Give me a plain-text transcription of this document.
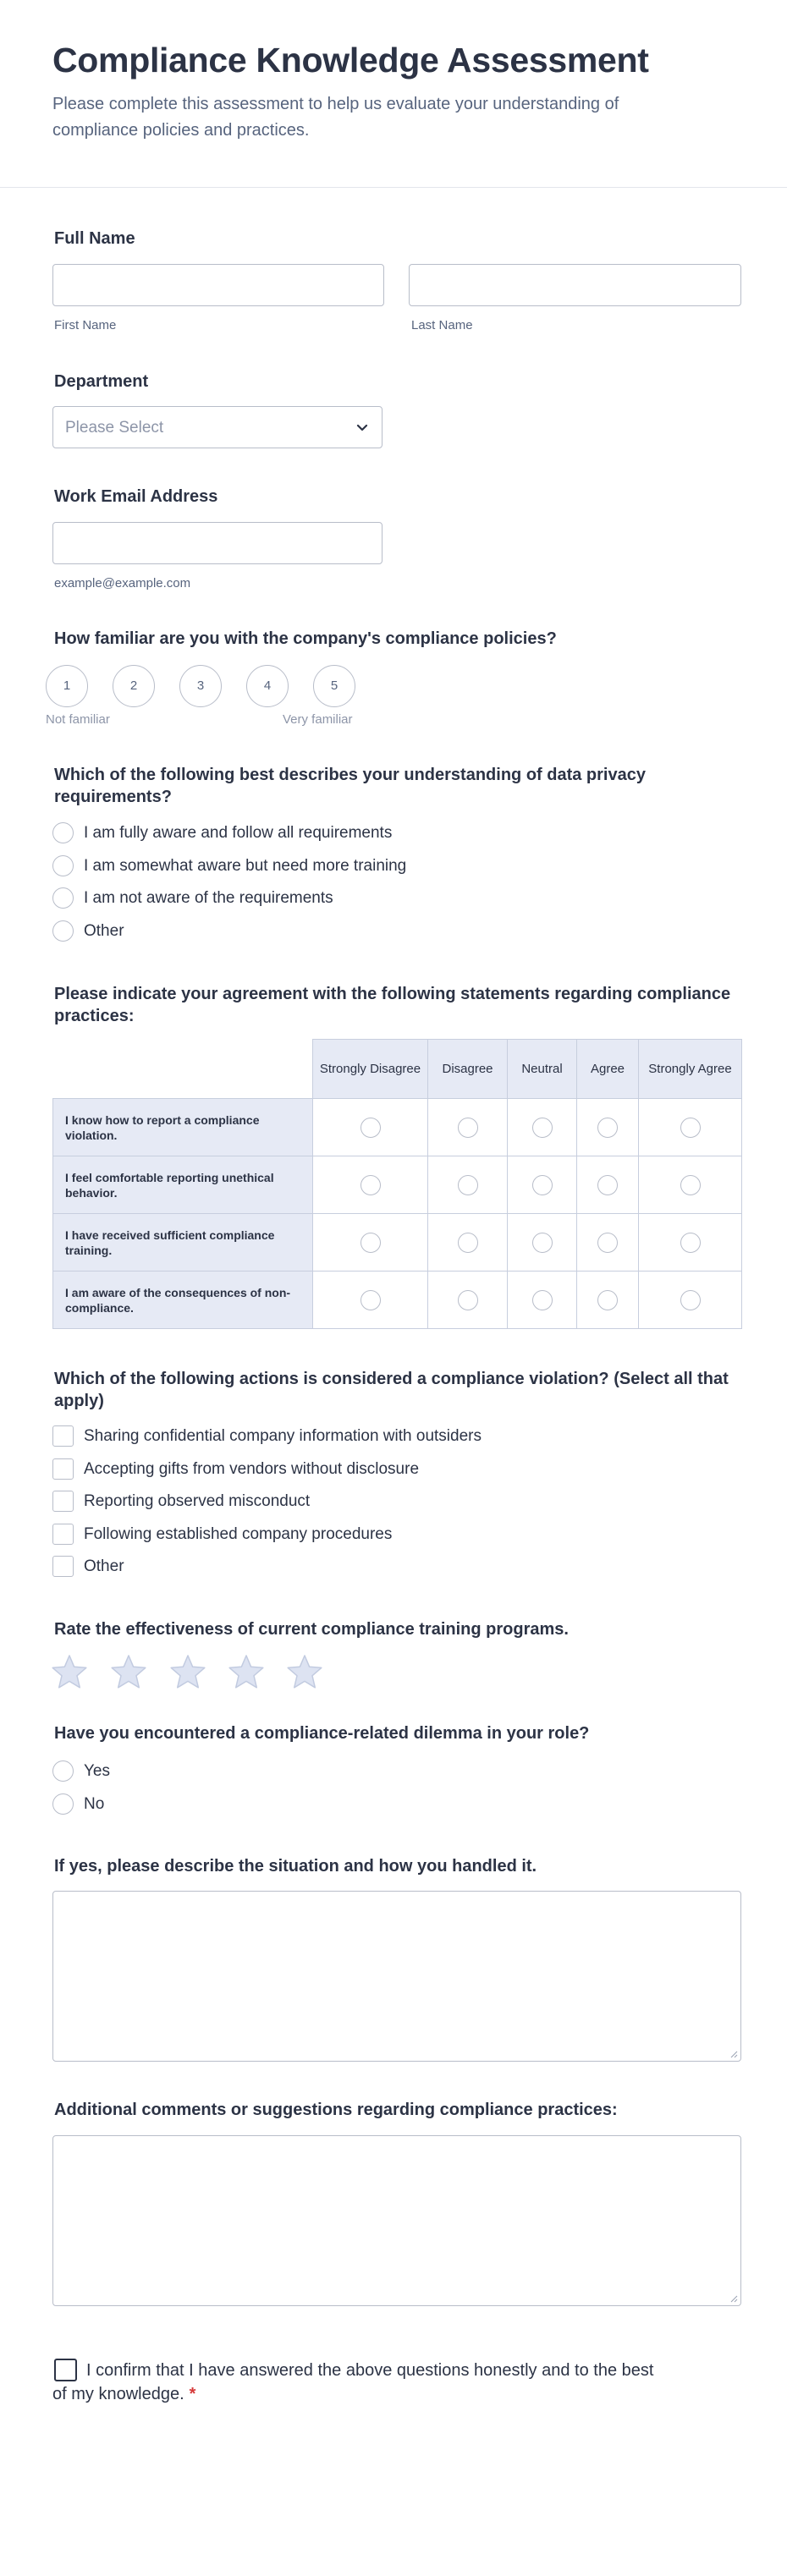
Compliance Knowledge Assessment

Please complete this assessment to help us evaluate your understanding of compliance policies and practices.

Full Name
First Name	Last Name
Department
Please Select
Work Email Address
example@example.com
How familiar are you with the company's compliance policies?
1	2	3	4	5
Not familiar	Very familiar
Which of the following best describes your understanding of data privacy requirements?
I am fully aware and follow all requirements
I am somewhat aware but need more training
I am not aware of the requirements
Other
Please indicate your agreement with the following statements regarding compliance practices:
	Strongly Disagree	Disagree	Neutral	Agree	Strongly Agree
I know how to report a compliance violation.					
I feel comfortable reporting unethical behavior.					
I have received sufficient compliance training.					
I am aware of the consequences of non-compliance.					
Which of the following actions is considered a compliance violation? (Select all that apply)
Sharing confidential company information with outsiders
Accepting gifts from vendors without disclosure
Reporting observed misconduct
Following established company procedures
Other
Rate the effectiveness of current compliance training programs.
Have you encountered a compliance-related dilemma in your role?
Yes
No
If yes, please describe the situation and how you handled it.
Additional comments or suggestions regarding compliance practices:
I confirm that I have answered the above questions honestly and to the best of my knowledge. *
